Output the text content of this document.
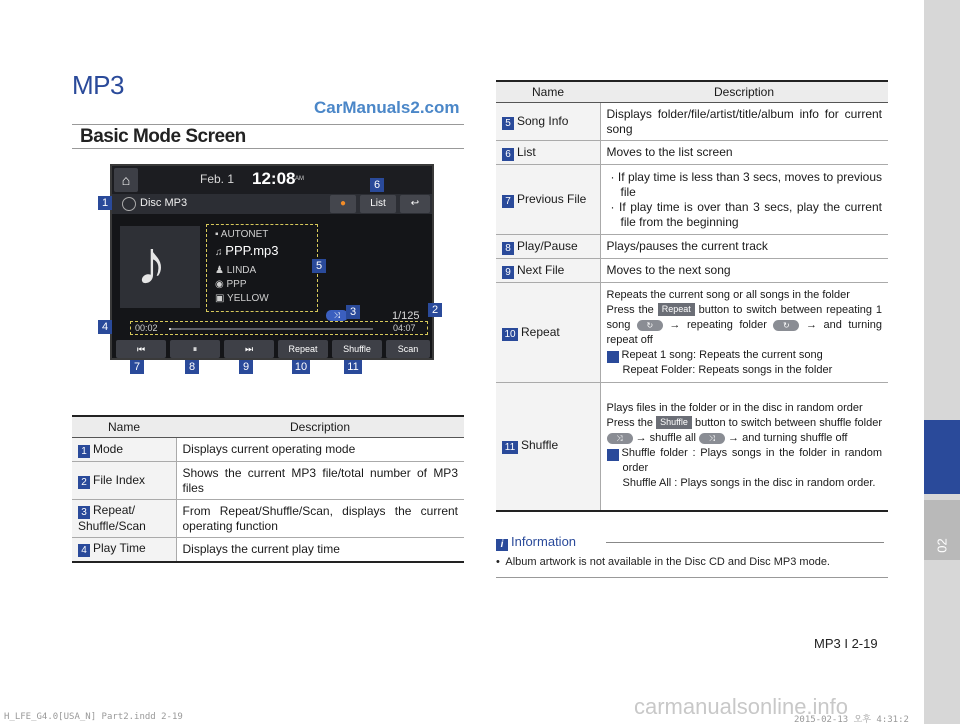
02
MP3
CarManuals2.com
Basic Mode Screen
⌂	Feb. 1 12:08 AM
Disc MP3	●	List	↩
♪	▪ AUTONET
♫ PPP.mp3
♟ LINDA
◉ PPP
▣ YELLOW
⤨	1/125
00:02	04:07
⏮	⏸	⏭	Repeat	Shuffle	Scan
1
2
3
4
5
6
7	8	9	10	11
Name	Description
1 Mode	Displays current operating mode
2 File Index	Shows the current MP3 file/total number of MP3 files
3 Repeat/ Shuffle/Scan	From Repeat/Shuffle/Scan, displays the current operating function
4 Play Time	Displays the current play time
Name	Description
5 Song Info	Displays folder/file/artist/title/album info for current song
6 List	Moves to the list screen
7 Previous File	· If play time is less than 3 secs, moves to previous file
· If play time is over than 3 secs, play the current file from the beginning

8 Play/Pause	Plays/pauses the current track
9 Next File	Moves to the next song
10 Repeat	Repeats the current song or all songs in the folder
Press the Repeat button to switch between repeating 1 song ↻ → repeating folder ↻ → and turning repeat off
i Repeat 1 song: Repeats the current song
Repeat Folder: Repeats songs in the folder

11 Shuffle	Plays files in the folder or in the disc in random order
Press the Shuffle button to switch between shuffle folder ⤨ → shuffle all ⤨ → and turning shuffle off
i Shuffle folder : Plays songs in the folder in random order
Shuffle All : Plays songs in the disc in random order.
i Information
•  Album artwork is not available in the Disc CD and Disc MP3 mode.
MP3 I 2-19
carmanualsonline.info
H_LFE_G4.0[USA_N] Part2.indd 2-19	2015-02-13 오후 4:31:2
